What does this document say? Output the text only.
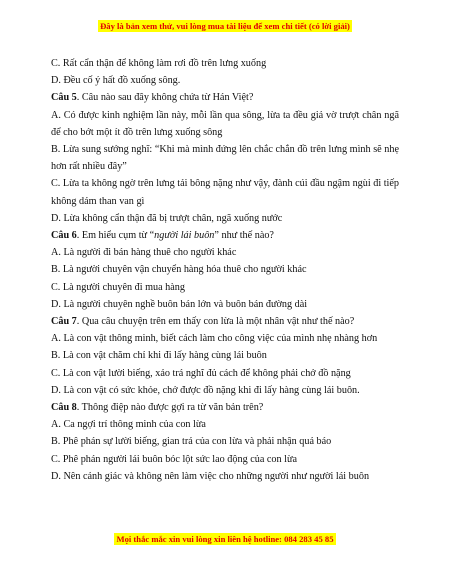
Đây là bản xem thử, vui lòng mua tài liệu để xem chi tiết (có lời giải)

C. Rất cẩn thận để không làm rơi đồ trên lưng xuống

D. Đều cố ý hất đồ xuống sông.

Câu 5. Câu nào sau đây không chứa từ Hán Việt?

A. Có được kinh nghiệm lần này, mỗi lần qua sông, lừa ta đều giả vờ trượt chân ngã để cho bớt một ít đồ trên lưng xuống sông

B. Lừa sung sướng nghĩ: “Khi mà mình đứng lên chắc chắn đồ trên lưng mình sẽ nhẹ hơn rất nhiều đây”

C. Lừa ta không ngờ trên lưng tải bông nặng như vậy, đành cúi đầu ngậm ngùi đi tiếp không dám than van gì

D. Lừa không cẩn thận đã bị trượt chân, ngã xuống nước

Câu 6. Em hiểu cụm từ “người lái buôn” như thế nào?

A. Là người đi bán hàng thuê cho người khác

B. Là người chuyên vận chuyển hàng hóa thuê cho người khác

C. Là người chuyên đi mua hàng

D. Là người chuyên nghề buôn bán lớn và buôn bán đường dài

Câu 7. Qua câu chuyện trên em thấy con lừa là một nhân vật như thế nào?

A. Là con vật thông minh, biết cách làm cho công việc của mình nhẹ nhàng hơn

B. Là con vật chăm chỉ khi đi lấy hàng cùng lái buôn

C. Là con vật lười biếng, xảo trá nghĩ đủ cách để không phải chở đồ nặng

D. Là con vật có sức khỏe, chở được đồ nặng khi đi lấy hàng cùng lái buôn.

Câu 8. Thông điệp nào được gợi ra từ văn bản trên?

A. Ca ngợi trí thông minh của con lừa

B. Phê phán sự lười biếng, gian trá của con lừa và phải nhận quả báo

C. Phê phán người lái buôn bóc lột sức lao động của con lừa

D. Nên cảnh giác và không nên làm việc cho những người như người lái buôn

Mọi thắc mắc xin vui lòng xin liên hệ hotline: 084 283 45 85
